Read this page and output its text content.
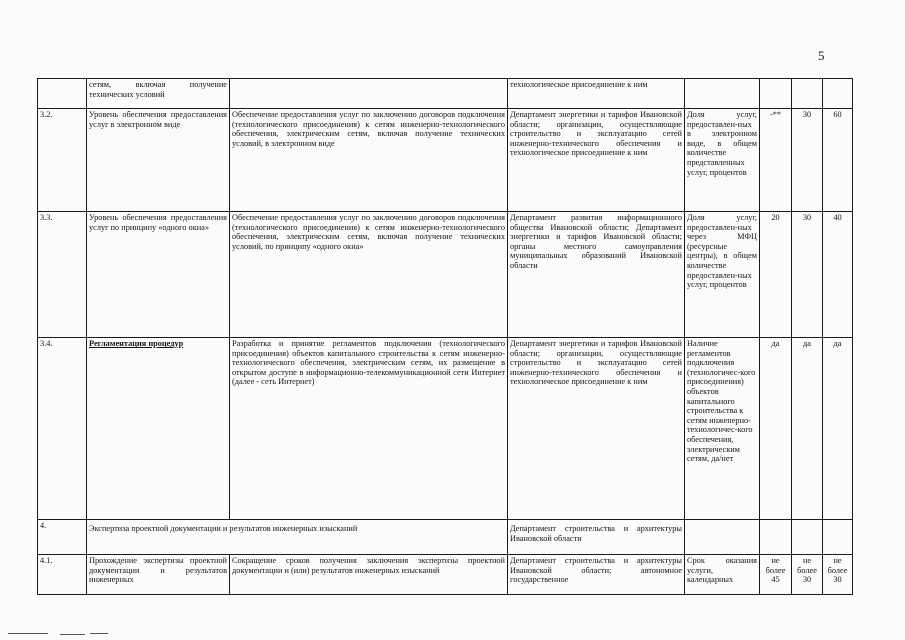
5
	сетям, включая получение технических условий		технологическое присоединение к ним				
3.2.	Уровень обеспечения предоставления услуг в электронном виде	Обеспечение предоставления услуг по заключению договоров подключения (технологического присоединения) к сетям инженерно-технологического обеспечения, электрическим сетям, включая получение технических условий, в электронном виде	Департамент энергетики и тарифов Ивановской области; организации, осуществляющие строительство и эксплуатацию сетей инженерно-технического обеспечения и технологическое присоединение к ним	Доля услуг, предоставлен-ных в электронном виде, в общем количестве представленных услуг, процентов	-**	30	60
3.3.	Уровень обеспечения предоставления услуг по принципу «одного окна»	Обеспечение предоставления услуг по заключению договоров подключения (технологического присоединения) к сетям инженерно-технологического обеспечения, электрическим сетям, включая получение технических условий, по принципу «одного окна»	Департамент развития информационного общества Ивановской области; Департамент энергетики и тарифов Ивановской области; органы местного самоуправления муниципальных образований Ивановской области	Доля услуг, предоставлен-ных через МФЦ (ресурсные центры), в общем количестве предоставлен-ных услуг, процентов	20	30	40
3.4.	Регламентация процедур	Разработка и принятие регламентов подключения (технологического присоединения) объектов капитального строительства к сетям инженерно-технологического обеспечения, электрическим сетям, их размещение в открытом доступе в информационно-телекоммуникационной сети Интернет (далее - сеть Интернет)	Департамент энергетики и тарифов Ивановской области; организации, осуществляющие строительство и эксплуатацию сетей инженерно-технического обеспечения и технологическое присоединение к ним	Наличие регламентов подключения (технологичес-кого присоединения) объектов капитального строительства к сетям инженерно-технологичес-кого обеспечения, электрическим сетям, да/нет	да	да	да
4.	Экспертиза проектной документации и результатов инженерных изысканий		Департамент строительства и архитектуры Ивановской области				
4.1.	Прохождение экспертизы проектной документации и результатов инженерных	Сокращение сроков получения заключения экспертизы проектной документации и (или) результатов инженерных изысканий	Департамент строительства и архитектуры Ивановской области; автономное государственное	Срок оказания услуги, календарных	не более 45	не более 30	не более 30
